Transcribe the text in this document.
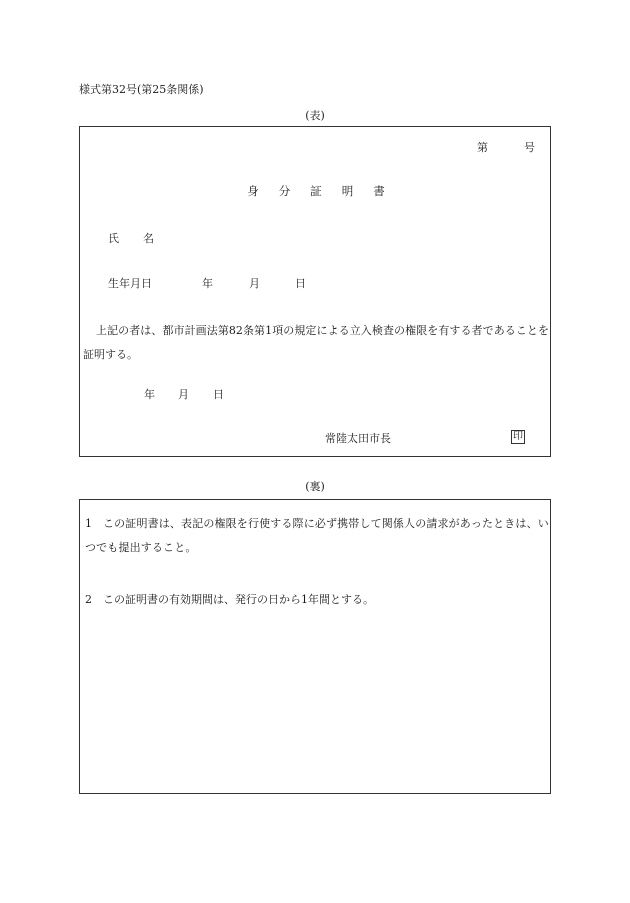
様式第32号(第25条関係)
(表)
第	号
身分証明書
氏名
生年月日	年	月	日
上記の者は、都市計画法第82条第1項の規定による立入検査の権限を有する者であることを証明する。
年 月 日
常陸太田市長	印
(裏)
1 この証明書は、表記の権限を行使する際に必ず携帯して関係人の請求があったときは、いつでも提出すること。
2 この証明書の有効期間は、発行の日から1年間とする。
